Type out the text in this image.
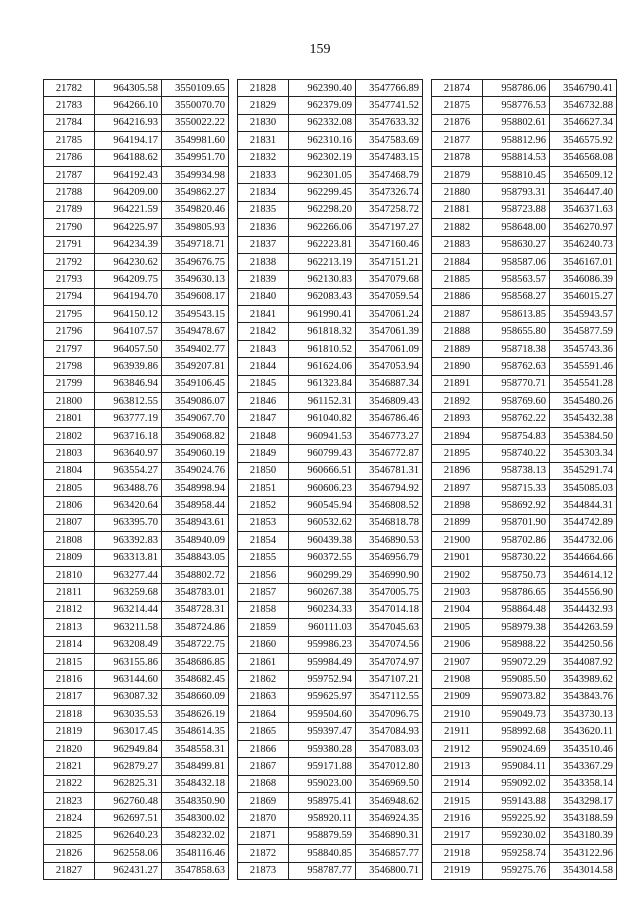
159
21782	964305.58	3550109.65
21783	964266.10	3550070.70
21784	964216.93	3550022.22
21785	964194.17	3549981.60
21786	964188.62	3549951.70
21787	964192.43	3549934.98
21788	964209.00	3549862.27
21789	964221.59	3549820.46
21790	964225.97	3549805.93
21791	964234.39	3549718.71
21792	964230.62	3549676.75
21793	964209.75	3549630.13
21794	964194.70	3549608.17
21795	964150.12	3549543.15
21796	964107.57	3549478.67
21797	964057.50	3549402.77
21798	963939.86	3549207.81
21799	963846.94	3549106.45
21800	963812.55	3549086.07
21801	963777.19	3549067.70
21802	963716.18	3549068.82
21803	963640.97	3549060.19
21804	963554.27	3549024.76
21805	963488.76	3548998.94
21806	963420.64	3548958.44
21807	963395.70	3548943.61
21808	963392.83	3548940.09
21809	963313.81	3548843.05
21810	963277.44	3548802.72
21811	963259.68	3548783.01
21812	963214.44	3548728.31
21813	963211.58	3548724.86
21814	963208.49	3548722.75
21815	963155.86	3548686.85
21816	963144.60	3548682.45
21817	963087.32	3548660.09
21818	963035.53	3548626.19
21819	963017.45	3548614.35
21820	962949.84	3548558.31
21821	962879.27	3548499.81
21822	962825.31	3548432.18
21823	962760.48	3548350.90
21824	962697.51	3548300.02
21825	962640.23	3548232.02
21826	962558.06	3548116.46
21827	962431.27	3547858.63
21828	962390.40	3547766.89
21829	962379.09	3547741.52
21830	962332.08	3547633.32
21831	962310.16	3547583.69
21832	962302.19	3547483.15
21833	962301.05	3547468.79
21834	962299.45	3547326.74
21835	962298.20	3547258.72
21836	962266.06	3547197.27
21837	962223.81	3547160.46
21838	962213.19	3547151.21
21839	962130.83	3547079.68
21840	962083.43	3547059.54
21841	961990.41	3547061.24
21842	961818.32	3547061.39
21843	961810.52	3547061.09
21844	961624.06	3547053.94
21845	961323.84	3546887.34
21846	961152.31	3546809.43
21847	961040.82	3546786.46
21848	960941.53	3546773.27
21849	960799.43	3546772.87
21850	960666.51	3546781.31
21851	960606.23	3546794.92
21852	960545.94	3546808.52
21853	960532.62	3546818.78
21854	960439.38	3546890.53
21855	960372.55	3546956.79
21856	960299.29	3546990.90
21857	960267.38	3547005.75
21858	960234.33	3547014.18
21859	960111.03	3547045.63
21860	959986.23	3547074.56
21861	959984.49	3547074.97
21862	959752.94	3547107.21
21863	959625.97	3547112.55
21864	959504.60	3547096.75
21865	959397.47	3547084.93
21866	959380.28	3547083.03
21867	959171.88	3547012.80
21868	959023.00	3546969.50
21869	958975.41	3546948.62
21870	958920.11	3546924.35
21871	958879.59	3546890.31
21872	958840.85	3546857.77
21873	958787.77	3546800.71
21874	958786.06	3546790.41
21875	958776.53	3546732.88
21876	958802.61	3546627.34
21877	958812.96	3546575.92
21878	958814.53	3546568.08
21879	958810.45	3546509.12
21880	958793.31	3546447.40
21881	958723.88	3546371.63
21882	958648.00	3546270.97
21883	958630.27	3546240.73
21884	958587.06	3546167.01
21885	958563.57	3546086.39
21886	958568.27	3546015.27
21887	958613.85	3545943.57
21888	958655.80	3545877.59
21889	958718.38	3545743.36
21890	958762.63	3545591.46
21891	958770.71	3545541.28
21892	958769.60	3545480.26
21893	958762.22	3545432.38
21894	958754.83	3545384.50
21895	958740.22	3545303.34
21896	958738.13	3545291.74
21897	958715.33	3545085.03
21898	958692.92	3544844.31
21899	958701.90	3544742.89
21900	958702.86	3544732.06
21901	958730.22	3544664.66
21902	958750.73	3544614.12
21903	958786.65	3544556.90
21904	958864.48	3544432.93
21905	958979.38	3544263.59
21906	958988.22	3544250.56
21907	959072.29	3544087.92
21908	959085.50	3543989.62
21909	959073.82	3543843.76
21910	959049.73	3543730.13
21911	958992.68	3543620.11
21912	959024.69	3543510.46
21913	959084.11	3543367.29
21914	959092.02	3543358.14
21915	959143.88	3543298.17
21916	959225.92	3543188.59
21917	959230.02	3543180.39
21918	959258.74	3543122.96
21919	959275.76	3543014.58
